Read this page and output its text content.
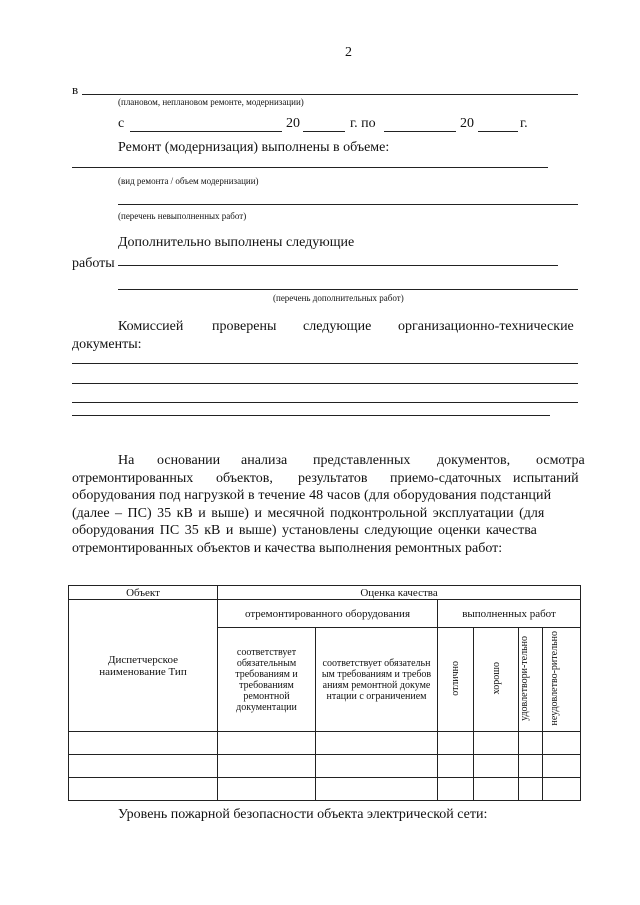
2
в
(плановом, неплановом ремонте, модернизации)
с	20	г. по	20	г.
Ремонт (модернизация) выполнены в объеме:
(вид ремонта / объем модернизации)
(перечень невыполненных работ)
Дополнительно выполнены следующие
работы
(перечень дополнительных работ)
Комиссией проверены следующие организационно-технические
документы:
На основании анализа представленных документов, осмотра
отремонтированных объектов, результатов приемо-сдаточных испытаний
оборудования под нагрузкой в течение 48 часов (для оборудования подстанций
(далее – ПС) 35 кВ и выше) и месячной подконтрольной эксплуатации (для
оборудования ПС 35 кВ и выше) установлены следующие оценки качества
отремонтированных объектов и качества выполнения ремонтных работ:
Объект	Оценка качества					

Диспетчерское наименование Тип	отремонтированного оборудования		выполненных работ			

	соответствует обязательным требованиям и требованиям ремонтной документации	соответствует обязательным требованиям и требованиям ремонтной документации с ограничением	отлично	хорошо	удовлетвори-тельно	неудовлетво-рительно

Уровень пожарной безопасности объекта электрической сети:
